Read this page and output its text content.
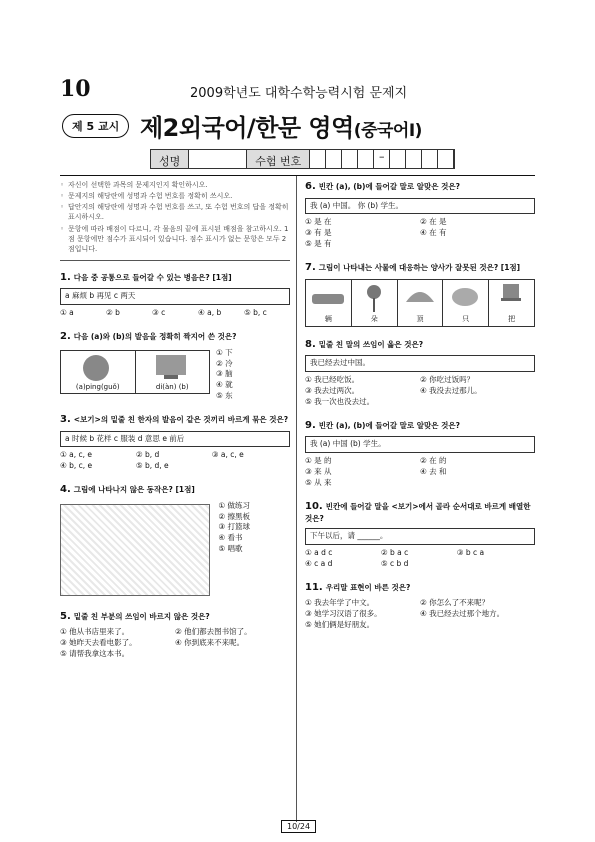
10	2009학년도 대학수학능력시험 문제지
제 5 교시 제2외국어/한문 영역(중국어Ⅰ)
성명	수험 번호	–
◦ 자신이 선택한 과목의 문제지인지 확인하시오.
◦ 문제지의 해당란에 성명과 수험 번호를 정확히 쓰시오.
◦ 답안지의 해당란에 성명과 수험 번호를 쓰고, 또 수험 번호의 답을 정확히 표시하시오.
◦ 문항에 따라 배점이 다르니, 각 물음의 끝에 표시된 배점을 참고하시오. 1점 문항에만 점수가 표시되어 있습니다. 점수 표시가 없는 문항은 모두 2점입니다.
1. 다음 중 공통으로 들어갈 수 있는 병음은? [1점]
a 麻烦 b 再见 c 两天
① a	② b	③ c	④ a, b	⑤ b, c
2. 다음 (a)와 (b)의 발음을 정확히 짝지어 쓴 것은?
(a)ping(guǒ)	di(àn) (b)
① 下
② 冷
③ 脑
④ 就
⑤ 东
3. <보기>의 밑줄 친 한자의 발음이 같은 것끼리 바르게 묶은 것은?
a 时候 b 花样 c 服装 d 意思 e 前后
① a, c, e	② b, d	③ a, c, e
④ b, c, e	⑤ b, d, e
4. 그림에 나타나지 않은 동작은? [1점]

① 做练习
② 擦黑板
③ 打篮球
④ 看书
⑤ 唱歌
5. 밑줄 친 부분의 쓰임이 바르지 않은 것은?
① 他从书店里来了。	② 他们都去图书馆了。
③ 她昨天去看电影了。	④ 你到底来不来呢。
⑤ 请帮我拿这本书。
6. 빈칸 (a), (b)에 들어갈 말로 알맞은 것은?
我 (a) 中国。 你 (b) 学生。
① 是 在	② 在 是
③ 有 是	④ 在 有
⑤ 是 有
7. 그림이 나타내는 사물에 대응하는 양사가 잘못된 것은? [1점]
辆	朵	顶	只	把
8. 밑줄 친 말의 쓰임이 옳은 것은?
我已经去过中国。
① 我已经吃饭。	② 你吃过饭吗？
③ 我去过两次。	④ 我没去过那儿。
⑤ 我一次也没去过。
9. 빈칸 (a), (b)에 들어갈 말로 알맞은 것은?
我 (a) 中国 (b) 学生。
① 是 的	② 在 的
③ 来 从	④ 去 和
⑤ 从 来
10. 빈칸에 들어갈 말을 <보기>에서 골라 순서대로 바르게 배열한 것은?
下午以后，请 ______。
① a d c	② b a c	③ b c a
④ c a d	⑤ c b d
11. 우리말 표현이 바른 것은?
① 我去年学了中文。	② 你怎么了不来呢？
③ 她学习汉语了很多。	④ 我已经去过那个地方。
⑤ 她们俩是好朋友。
10/24
